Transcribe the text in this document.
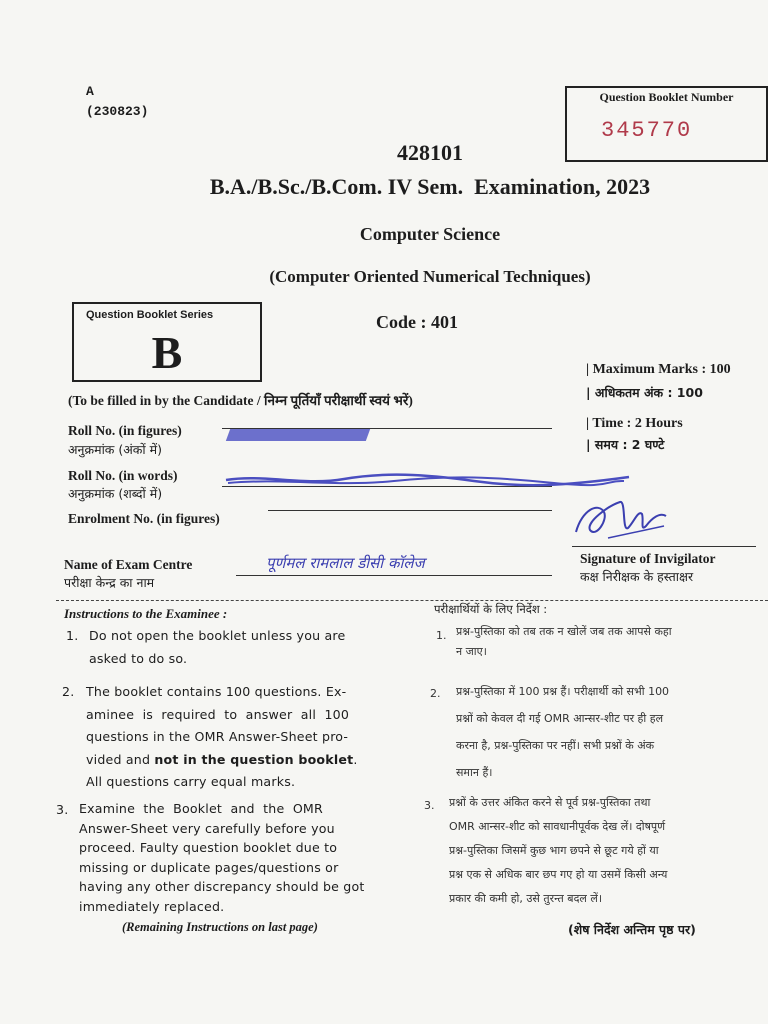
A
(230823)
Question Booklet Number
345770
428101
B.A./B.Sc./B.Com. IV Sem.  Examination, 2023
Computer Science
(Computer Oriented Numerical Techniques)
Code : 401
Question Booklet Series
B	| Maximum Marks : 100
| अधिकतम अंक : 100
| Time : 2 Hours
| समय : 2 घण्टे
(To be filled in by the Candidate / निम्न पूर्तियाँ परीक्षार्थी स्वयं भरें)
Roll No. (in figures)
अनुक्रमांक (अंकों में)
Roll No. (in words)
अनुक्रमांक (शब्दों में)
Enrolment No. (in figures)
Name of Exam Centre
परीक्षा केन्द्र का नाम
पूर्णमल रामलाल डीसी कॉलेज	Signature of Invigilator
कक्ष निरीक्षक के हस्ताक्षर
Instructions to the Examinee :
1. Do not open the booklet unless you are
asked to do so.
2. The booklet contains 100 questions. Ex-
aminee  is  required  to  answer  all  100
questions in the OMR Answer-Sheet pro-
vided and not in the question booklet.
All questions carry equal marks.
3. Examine  the  Booklet  and  the  OMR
Answer-Sheet very carefully before you
proceed. Faulty question booklet due to
missing or duplicate pages/questions or
having any other discrepancy should be got
immediately replaced.
(Remaining Instructions on last page)
परीक्षार्थियों के लिए निर्देश :
1. प्रश्न-पुस्तिका को तब तक न खोलें जब तक आपसे कहा
न जाए।
2. प्रश्न-पुस्तिका में 100 प्रश्न हैं। परीक्षार्थी को सभी 100
प्रश्नों को केवल दी गई OMR आन्सर-शीट पर ही हल
करना है, प्रश्न-पुस्तिका पर नहीं। सभी प्रश्नों के अंक
समान हैं।
3. प्रश्नों के उत्तर अंकित करने से पूर्व प्रश्न-पुस्तिका तथा
OMR आन्सर-शीट को सावधानीपूर्वक देख लें। दोषपूर्ण
प्रश्न-पुस्तिका जिसमें कुछ भाग छपने से छूट गये हों या
प्रश्न एक से अधिक बार छप गए हो या उसमें किसी अन्य
प्रकार की कमी हो, उसे तुरन्त बदल लें।
(शेष निर्देश अन्तिम पृष्ठ पर)
